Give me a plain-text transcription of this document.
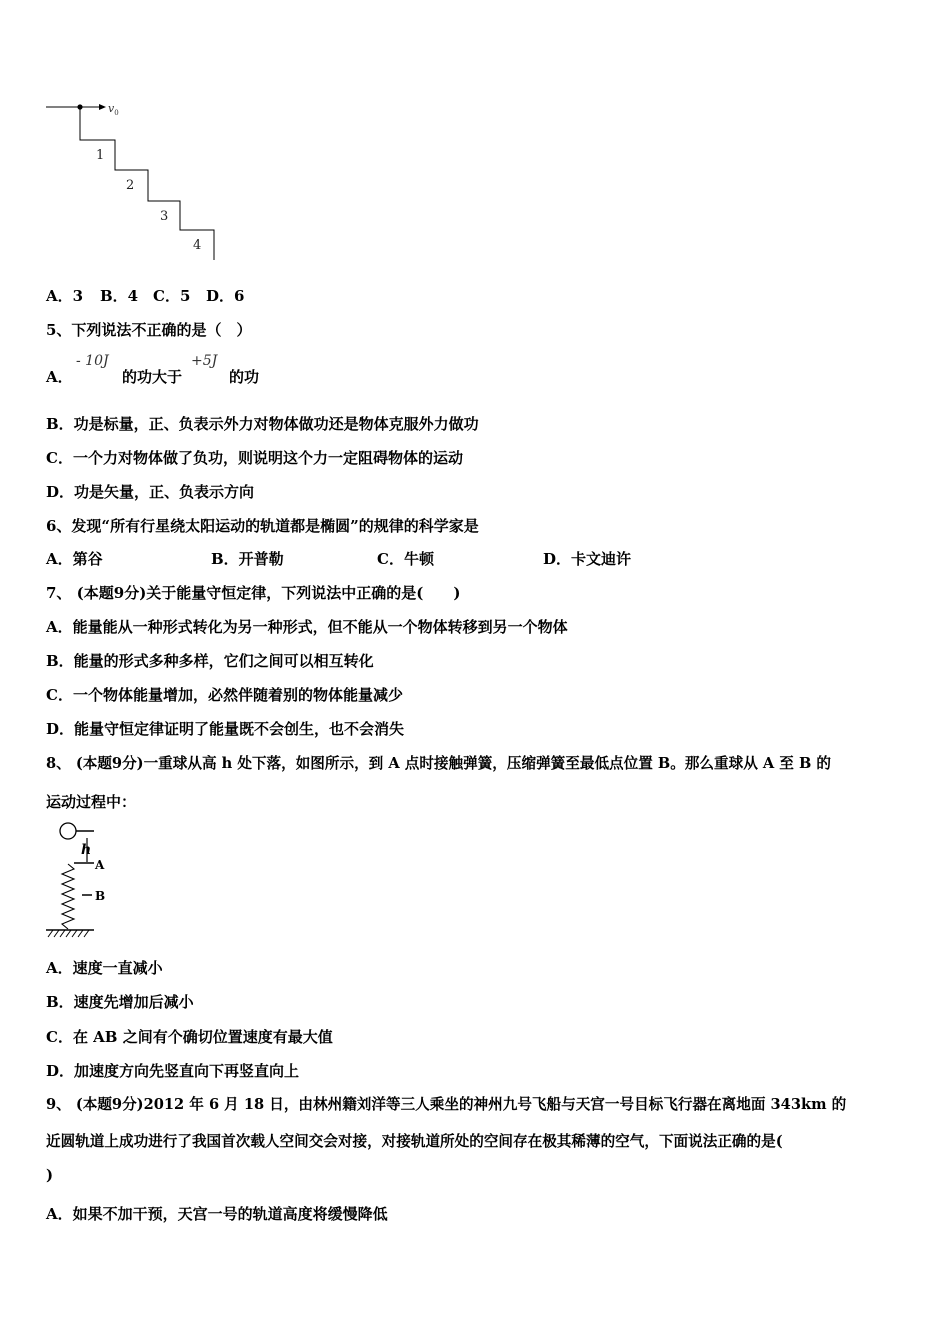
$v_0$
1
2
3
4
A．3 B．4 C．5 D．6
5、下列说法不正确的是（　）
A．
- 10J
的功大于
+5J
的功
B．功是标量，正、负表示外力对物体做功还是物体克服外力做功
C．一个力对物体做了负功，则说明这个力一定阻碍物体的运动
D．功是矢量，正、负表示方向
6、发现“所有行星绕太阳运动的轨道都是椭圆”的规律的科学家是
A．第谷	B．开普勒	C．牛顿	D．卡文迪许
7、 (本题9分)关于能量守恒定律，下列说法中正确的是(　　)
A．能量能从一种形式转化为另一种形式，但不能从一个物体转移到另一个物体
B．能量的形式多种多样，它们之间可以相互转化
C．一个物体能量增加，必然伴随着别的物体能量减少
D．能量守恒定律证明了能量既不会创生，也不会消失
8、 (本题9分)一重球从高 h 处下落，如图所示，到 A 点时接触弹簧，压缩弹簧至最低点位置 B。那么重球从 A 至 B 的
运动过程中：
h
A
B
A．速度一直减小
B．速度先增加后减小
C．在 AB 之间有个确切位置速度有最大值
D．加速度方向先竖直向下再竖直向上
9、 (本题9分)2012 年 6 月 18 日，由林州籍刘洋等三人乘坐的神州九号飞船与天宫一号目标飞行器在离地面 343km 的
近圆轨道上成功进行了我国首次载人空间交会对接，对接轨道所处的空间存在极其稀薄的空气，下面说法正确的是(
)
A．如果不加干预，天宫一号的轨道高度将缓慢降低
